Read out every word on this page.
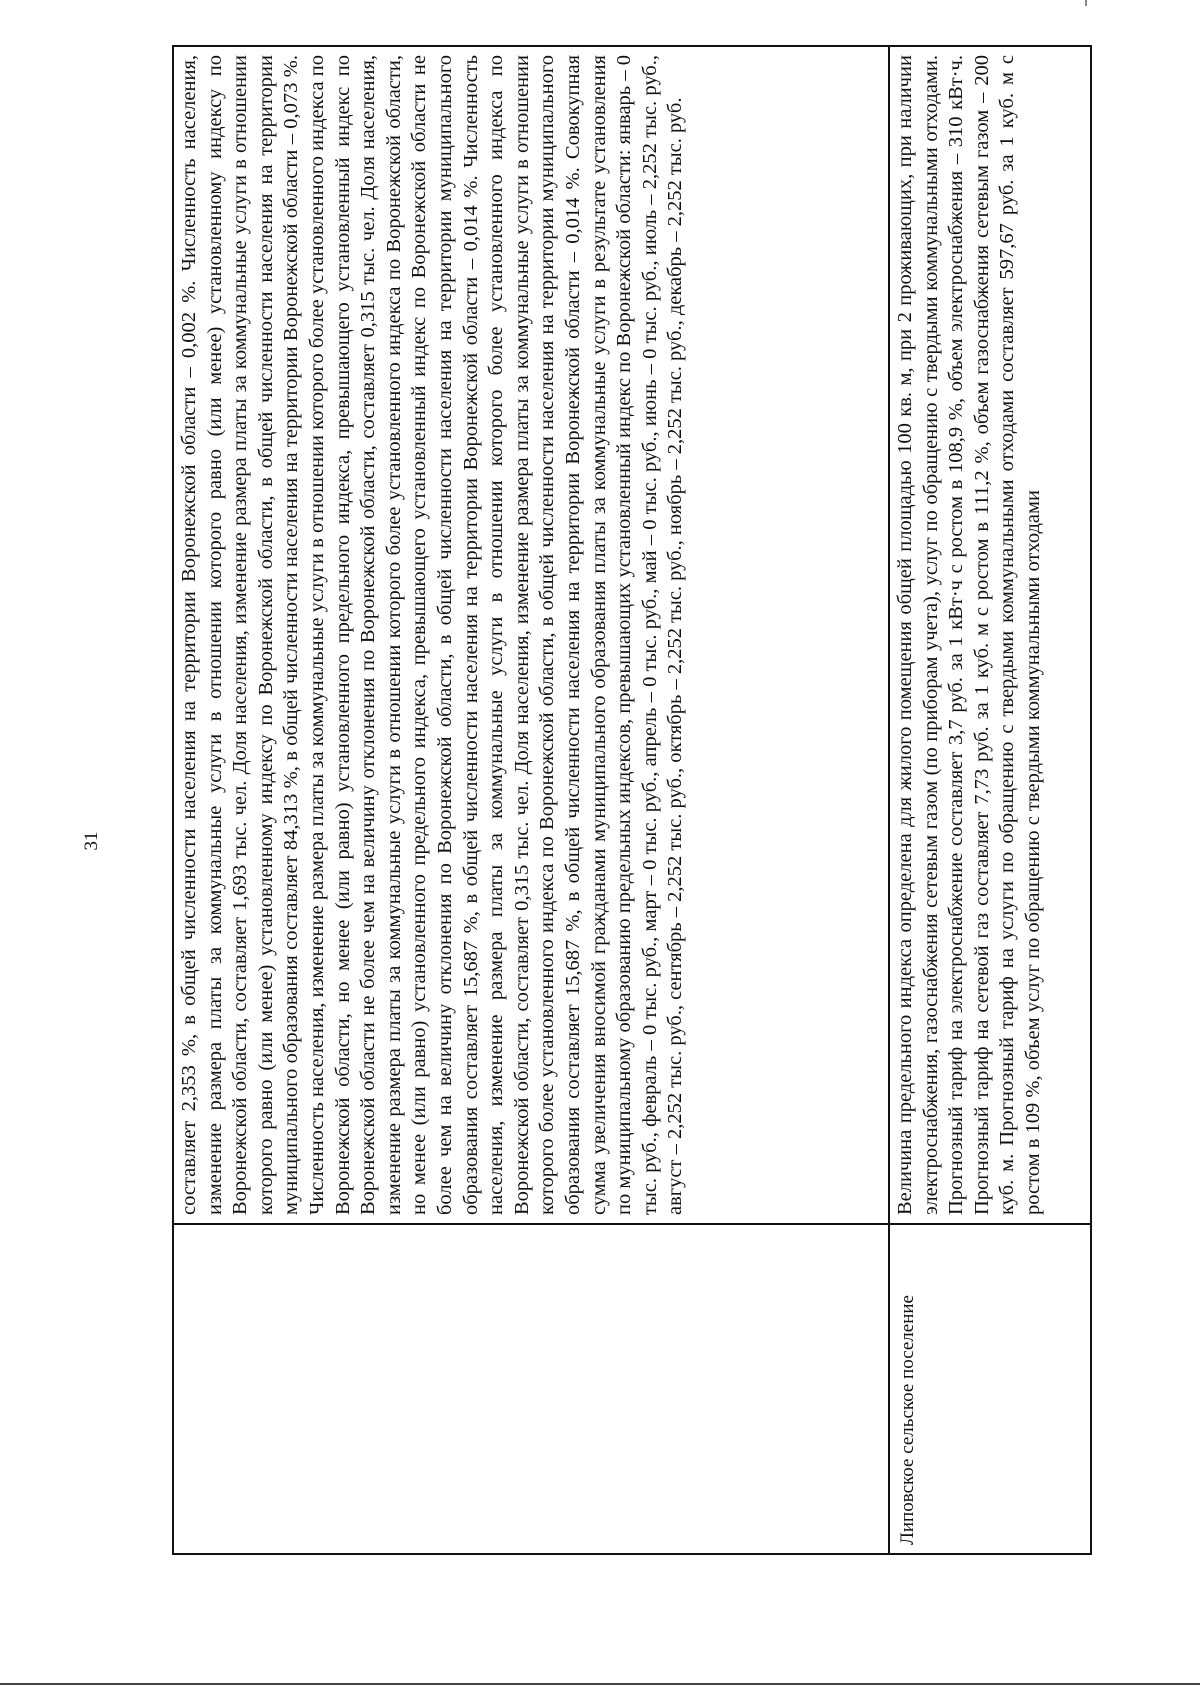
31	составляет 2,353 %, в общей численности населения на территории Воронежской области – 0,002 %. Численность населения, изменение размера платы за коммунальные услуги в отношении которого равно (или менее) установленному индексу по Воронежской области, составляет 1,693 тыс. чел. Доля населения, изменение размера платы за коммунальные услуги в отношении которого равно (или менее) установленному индексу по Воронежской области, в общей численности населения на территории муниципального образования составляет 84,313 %, в общей численности населения на территории Воронежской области – 0,073 %. Численность населения, изменение размера платы за коммунальные услуги в отношении которого более установленного индекса по Воронежской области, но менее (или равно) установленного предельного индекса, превышающего установленный индекс по Воронежской области не более чем на величину отклонения по Воронежской области, составляет 0,315 тыс. чел. Доля населения, изменение размера платы за коммунальные услуги в отношении которого более установленного индекса по Воронежской области, но менее (или равно) установленного предельного индекса, превышающего установленный индекс по Воронежской области не более чем на величину отклонения по Воронежской области, в общей численности населения на территории муниципального образования составляет 15,687 %, в общей численности населения на территории Воронежской области – 0,014 %. Численность населения, изменение размера платы за коммунальные услуги в отношении которого более установленного индекса по Воронежской области, составляет 0,315 тыс. чел. Доля населения, изменение размера платы за коммунальные услуги в отношении которого более установленного индекса по Воронежской области, в общей численности населения на территории муниципального образования составляет 15,687 %, в общей численности населения на территории Воронежской области – 0,014 %. Совокупная сумма увеличения вносимой гражданами муниципального образования платы за коммунальные услуги в результате установления по муниципальному образованию предельных индексов, превышающих установленный индекс по Воронежской области: январь – 0 тыс. руб., февраль – 0 тыс. руб., март – 0 тыс. руб., апрель – 0 тыс. руб., май – 0 тыс. руб., июнь – 0 тыс. руб., июль – 2,252 тыс. руб., август – 2,252 тыс. руб., сентябрь – 2,252 тыс. руб., октябрь – 2,252 тыс. руб., ноябрь – 2,252 тыс. руб., декабрь – 2,252 тыс. руб.
Липовское сельское поселение
Величина предельного индекса определена для жилого помещения общей площадью 100 кв. м, при 2 проживающих, при наличии электроснабжения, газоснабжения сетевым газом (по приборам учета), услуг по обращению с твердыми коммунальными отходами. Прогнозный тариф на электроснабжение составляет 3,7 руб. за 1 кВт·ч с ростом в 108,9 %, объем электроснабжения – 310 кВт·ч. Прогнозный тариф на сетевой газ составляет 7,73 руб. за 1 куб. м с ростом в 111,2 %, объем газоснабжения сетевым газом – 200 куб. м. Прогнозный тариф на услуги по обращению с твердыми коммунальными отходами составляет 597,67 руб. за 1 куб. м с ростом в 109 %, объем услуг по обращению с твердыми коммунальными отходами
